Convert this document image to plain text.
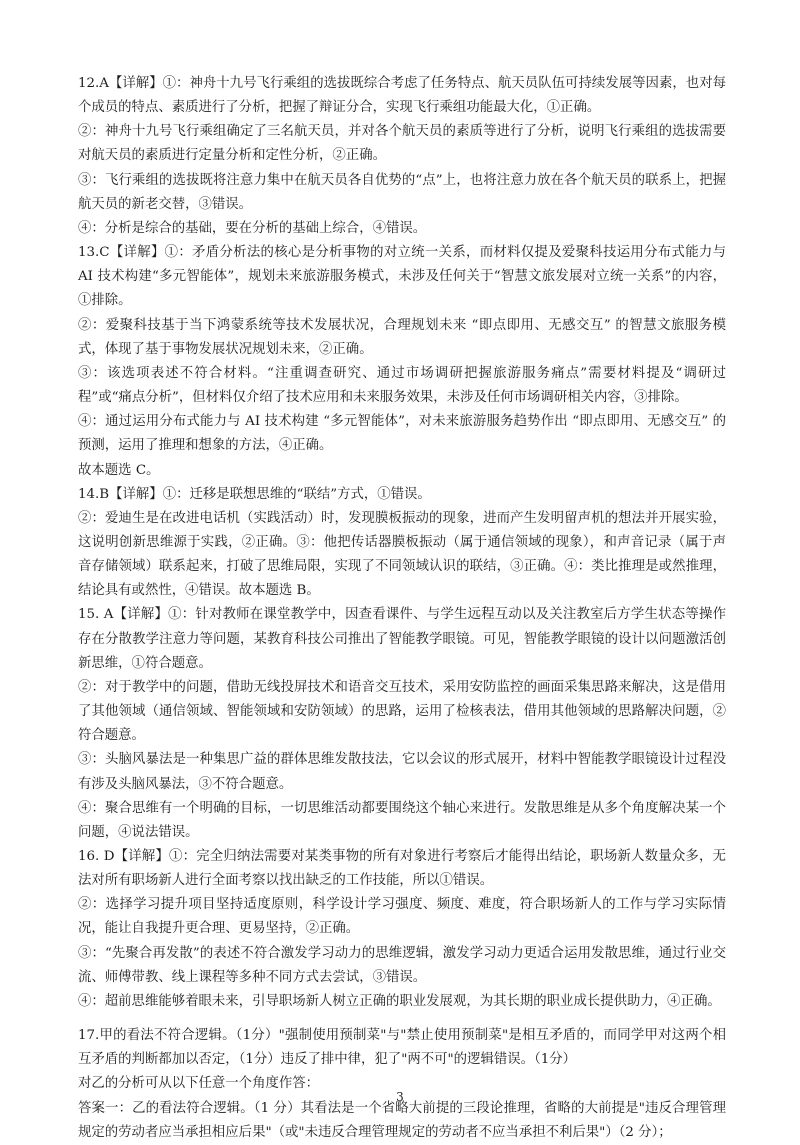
12.A【详解】①：神舟十九号飞行乘组的选拔既综合考虑了任务特点、航天员队伍可持续发展等因素，也对每个成员的特点、素质进行了分析，把握了辩证分合，实现飞行乘组功能最大化，①正确。

②：神舟十九号飞行乘组确定了三名航天员，并对各个航天员的素质等进行了分析，说明飞行乘组的选拔需要对航天员的素质进行定量分析和定性分析，②正确。

③：飞行乘组的选拔既将注意力集中在航天员各自优势的“点”上，也将注意力放在各个航天员的联系上，把握航天员的新老交替，③错误。

④：分析是综合的基础，要在分析的基础上综合，④错误。

13.C【详解】①：矛盾分析法的核心是分析事物的对立统一关系，而材料仅提及爱聚科技运用分布式能力与 AI 技术构建“多元智能体”，规划未来旅游服务模式，未涉及任何关于“智慧文旅发展对立统一关系”的内容，①排除。

②：爱聚科技基于当下鸿蒙系统等技术发展状况，合理规划未来 “即点即用、无感交互” 的智慧文旅服务模式，体现了基于事物发展状况规划未来，②正确。

③：该选项表述不符合材料。“注重调查研究、通过市场调研把握旅游服务痛点”需要材料提及“调研过程”或“痛点分析”，但材料仅介绍了技术应用和未来服务效果，未涉及任何市场调研相关内容，③排除。

④：通过运用分布式能力与 AI 技术构建 “多元智能体”，对未来旅游服务趋势作出 “即点即用、无感交互” 的预测，运用了推理和想象的方法，④正确。

故本题选 C。

14.B【详解】①：迁移是联想思维的“联结”方式，①错误。

②：爱迪生是在改进电话机（实践活动）时，发现膜板振动的现象，进而产生发明留声机的想法并开展实验，这说明创新思维源于实践，②正确。③：他把传话器膜板振动（属于通信领域的现象），和声音记录（属于声音存储领域）联系起来，打破了思维局限，实现了不同领域认识的联结，③正确。④：类比推理是或然推理，结论具有或然性，④错误。故本题选 B。

15. A【详解】①：针对教师在课堂教学中，因查看课件、与学生远程互动以及关注教室后方学生状态等操作存在分散教学注意力等问题，某教育科技公司推出了智能教学眼镜。可见，智能教学眼镜的设计以问题激活创新思维，①符合题意。

②：对于教学中的问题，借助无线投屏技术和语音交互技术，采用安防监控的画面采集思路来解决，这是借用了其他领域（通信领域、智能领域和安防领域）的思路，运用了检核表法，借用其他领域的思路解决问题，②符合题意。

③：头脑风暴法是一种集思广益的群体思维发散技法，它以会议的形式展开，材料中智能教学眼镜设计过程没有涉及头脑风暴法，③不符合题意。

④：聚合思维有一个明确的目标，一切思维活动都要围绕这个轴心来进行。发散思维是从多个角度解决某一个问题，④说法错误。

16. D【详解】①：完全归纳法需要对某类事物的所有对象进行考察后才能得出结论，职场新人数量众多，无法对所有职场新人进行全面考察以找出缺乏的工作技能，所以①错误。

②：选择学习提升项目坚持适度原则，科学设计学习强度、频度、难度，符合职场新人的工作与学习实际情况，能让自我提升更合理、更易坚持，②正确。

③：“先聚合再发散”的表述不符合激发学习动力的思维逻辑，激发学习动力更适合运用发散思维，通过行业交流、师傅带教、线上课程等多种不同方式去尝试，③错误。

④：超前思维能够着眼未来，引导职场新人树立正确的职业发展观，为其长期的职业成长提供助力，④正确。

17.甲的看法不符合逻辑。（1分）"强制使用预制菜"与"禁止使用预制菜"是相互矛盾的，而同学甲对这两个相互矛盾的判断都加以否定，（1分）违反了排中律，犯了"两不可"的逻辑错误。（1分）

对乙的分析可从以下任意一个角度作答：

答案一：乙的看法符合逻辑。（1 分）其看法是一个省略大前提的三段论推理，省略的大前提是"违反合理管理规定的劳动者应当承担相应后果"（或"未违反合理管理规定的劳动者不应当承担不利后果"）（2 分）；

3
